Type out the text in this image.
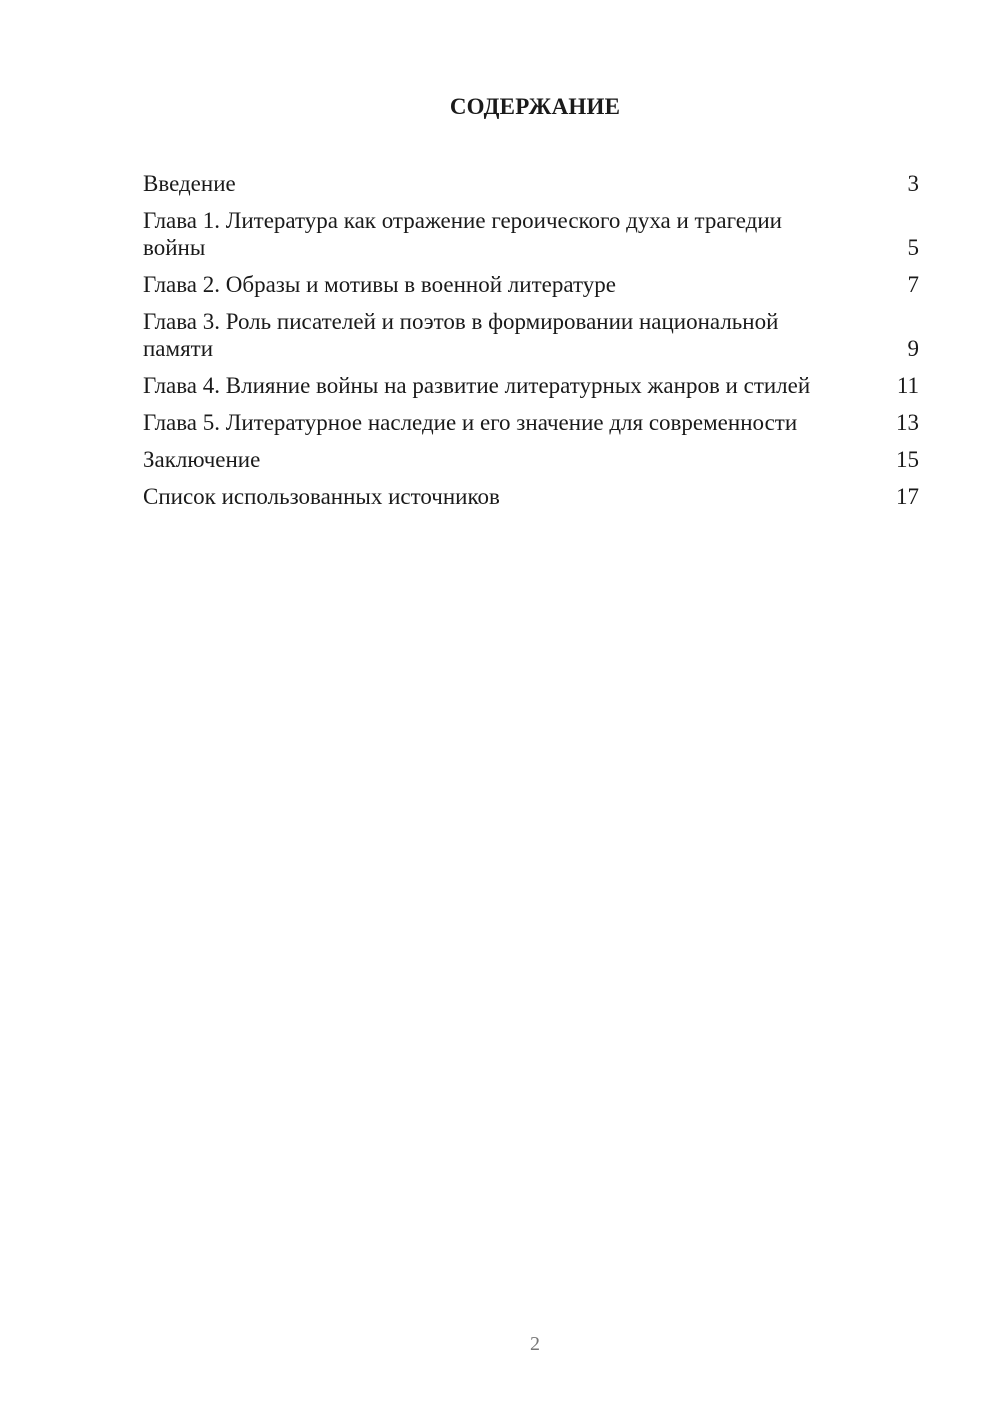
СОДЕРЖАНИЕ
Введение	3
Глава 1. Литература как отражение героического духа и трагедии войны	5
Глава 2. Образы и мотивы в военной литературе	7
Глава 3. Роль писателей и поэтов в формировании национальной памяти	9
Глава 4. Влияние войны на развитие литературных жанров и стилей	11
Глава 5. Литературное наследие и его значение для современности	13
Заключение	15
Список использованных источников	17
2
